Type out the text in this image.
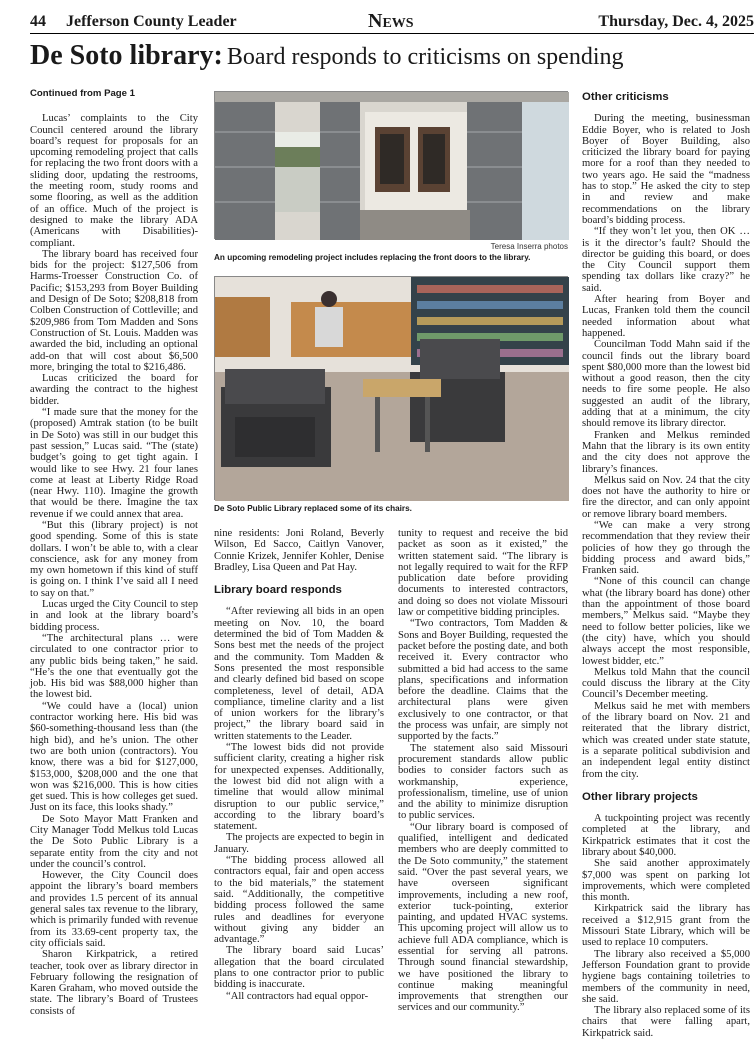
44 Jefferson County Leader	News	Thursday, Dec. 4, 2025
De Soto library: Board responds to criticisms on spending
Continued from Page 1

Lucas’ complaints to the City Council centered around the library board’s request for proposals for an upcoming remodeling project that calls for replacing the two front doors with a sliding door, updating the restrooms, the meeting room, study rooms and some flooring, as well as the addition of an office. Much of the project is designed to make the library ADA (Americans with Disabilities)-compliant.

The library board has received four bids for the project: $127,506 from Harms-Troesser Construction Co. of Pacific; $153,293 from Boyer Building and Design of De Soto; $208,818 from Colben Construction of Cottleville; and $209,986 from Tom Madden and Sons Construction of St. Louis. Madden was awarded the bid, including an optional add-on that will cost about $6,500 more, bringing the total to $216,486.

Lucas criticized the board for awarding the contract to the highest bidder.

“I made sure that the money for the (proposed) Amtrak station (to be built in De Soto) was still in our budget this past session,” Lucas said. “The (state) budget’s going to get tight again. I would like to see Hwy. 21 four lanes come at least at Liberty Ridge Road (near Hwy. 110). Imagine the growth that would be there. Imagine the tax revenue if we could annex that area.

“But this (library project) is not good spending. Some of this is state dollars. I won’t be able to, with a clear conscience, ask for any money from my own hometown if this kind of stuff is going on. I think I’ve said all I need to say on that.”

Lucas urged the City Council to step in and look at the library board’s bidding process.

“The architectural plans … were circulated to one contractor prior to any public bids being taken,” he said. “He’s the one that eventually got the job. His bid was $88,000 higher than the lowest bid.

“We could have a (local) union contractor working here. His bid was $60-something-thousand less than (the high bid), and he’s union. The other two are both union (contractors). You know, there was a bid for $127,000, $153,000, $208,000 and the one that won was $216,000. This is how cities get sued. This is how colleges get sued. Just on its face, this looks shady.”

De Soto Mayor Matt Franken and City Manager Todd Melkus told Lucas the De Soto Public Library is a separate entity from the city and not under the council’s control.

However, the City Council does appoint the library’s board members and provides 1.5 percent of its annual general sales tax revenue to the library, which is primarily funded with revenue from its 33.69-cent property tax, the city officials said.

Sharon Kirkpatrick, a retired teacher, took over as library director in February following the resignation of Karen Graham, who moved outside the state. The library’s Board of Trustees consists of

Teresa Inserra photos
An upcoming remodeling project includes replacing the front doors to the library.
De Soto Public Library replaced some of its chairs.

nine residents: Joni Roland, Beverly Wilson, Ed Sacco, Caitlyn Vanover, Connie Krizek, Jennifer Kohler, Denise Bradley, Lisa Queen and Pat Hay.

Library board responds

“After reviewing all bids in an open meeting on Nov. 10, the board determined the bid of Tom Madden & Sons best met the needs of the project and the community. Tom Madden & Sons presented the most responsible and clearly defined bid based on scope completeness, level of detail, ADA compliance, timeline clarity and a list of union workers for the library’s project,” the library board said in written statements to the Leader.

“The lowest bids did not provide sufficient clarity, creating a higher risk for unexpected expenses. Additionally, the lowest bid did not align with a timeline that would allow minimal disruption to our public service,” according to the library board’s statement.

The projects are expected to begin in January.

“The bidding process allowed all contractors equal, fair and open access to the bid materials,” the statement said. “Additionally, the competitive bidding process followed the same rules and deadlines for everyone without giving any bidder an advantage.”

The library board said Lucas’ allegation that the board circulated plans to one contractor prior to public bidding is inaccurate.

“All contractors had equal oppor-

tunity to request and receive the bid packet as soon as it existed,” the written statement said. “The library is not legally required to wait for the RFP publication date before providing documents to interested contractors, and doing so does not violate Missouri law or competitive bidding principles.

“Two contractors, Tom Madden & Sons and Boyer Building, requested the packet before the posting date, and both received it. Every contractor who submitted a bid had access to the same plans, specifications and information before the deadline. Claims that the architectural plans were given exclusively to one contractor, or that the process was unfair, are simply not supported by the facts.”

The statement also said Missouri procurement standards allow public bodies to consider factors such as workmanship, experience, professionalism, timeline, use of union and the ability to minimize disruption to public services.

“Our library board is composed of qualified, intelligent and dedicated members who are deeply committed to the De Soto community,” the statement said. “Over the past several years, we have overseen significant improvements, including a new roof, exterior tuck-pointing, exterior painting, and updated HVAC systems. This upcoming project will allow us to achieve full ADA compliance, which is essential for serving all patrons. Through sound financial stewardship, we have positioned the library to continue making meaningful improvements that strengthen our services and our community.”

Other criticisms

During the meeting, businessman Eddie Boyer, who is related to Josh Boyer of Boyer Building, also criticized the library board for paying more for a roof than they needed to two years ago. He said the “madness has to stop.” He asked the city to step in and review and make recommendations on the library board’s bidding process.

“If they won’t let you, then OK … is it the director’s fault? Should the director be guiding this board, or does the City Council support them spending tax dollars like crazy?” he said.

After hearing from Boyer and Lucas, Franken told them the council needed information about what happened.

Councilman Todd Mahn said if the council finds out the library board spent $80,000 more than the lowest bid without a good reason, then the city needs to fire some people. He also suggested an audit of the library, adding that at a minimum, the city should remove its library director.

Franken and Melkus reminded Mahn that the library is its own entity and the city does not approve the library’s finances.

Melkus said on Nov. 24 that the city does not have the authority to hire or fire the director, and can only appoint or remove library board members.

“We can make a very strong recommendation that they review their policies of how they go through the bidding process and award bids,” Franken said.

“None of this council can change what (the library board has done) other than the appointment of those board members,” Melkus said. “Maybe they need to follow better policies, like we (the city) have, which you should always accept the most responsible, lowest bidder, etc.”

Melkus told Mahn that the council could discuss the library at the City Council’s December meeting.

Melkus said he met with members of the library board on Nov. 21 and reiterated that the library district, which was created under state statute, is a separate political subdivision and an independent legal entity distinct from the city.

Other library projects

A tuckpointing project was recently completed at the library, and Kirkpatrick estimates that it cost the library about $40,000.

She said another approximately $7,000 was spent on parking lot improvements, which were completed this month.

Kirkpatrick said the library has received a $12,915 grant from the Missouri State Library, which will be used to replace 10 computers.

The library also received a $5,000 Jefferson Foundation grant to provide hygiene bags containing toiletries to members of the community in need, she said.

The library also replaced some of its chairs that were falling apart, Kirkpatrick said.
